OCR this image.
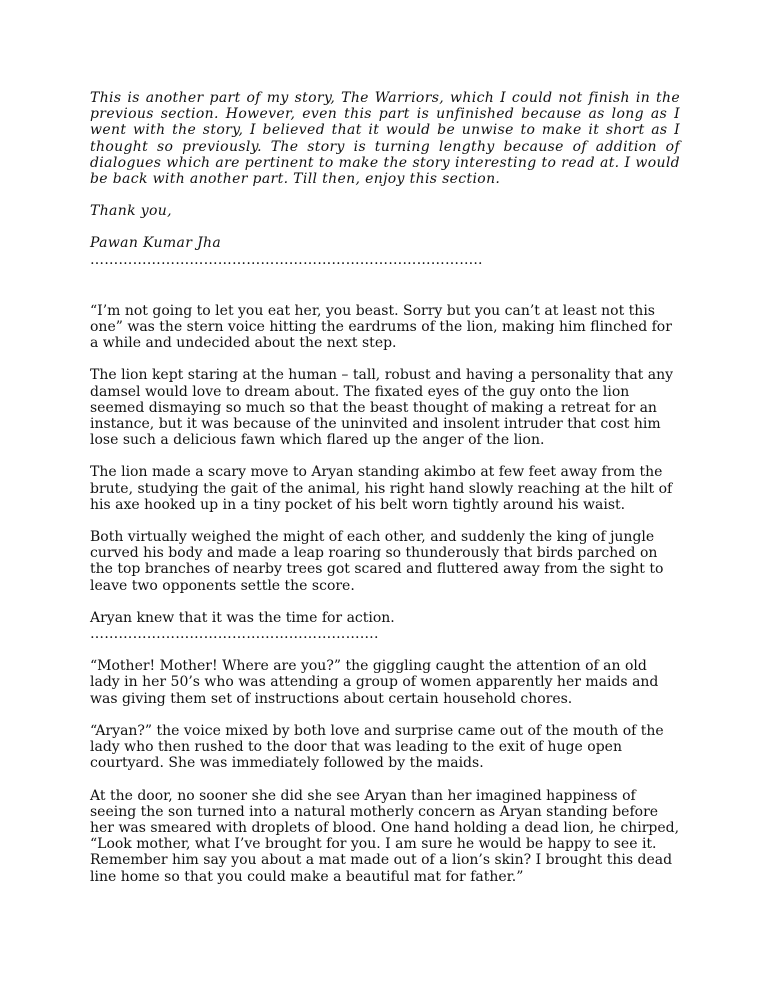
This is another part of my story, The Warriors, which I could not finish in the previous section. However, even this part is unfinished because as long as I went with the story, I believed that it would be unwise to make it short as I thought so previously. The story is turning lengthy because of addition of dialogues which are pertinent to make the story interesting to read at. I would be back with another part. Till then, enjoy this section.

Thank you,

Pawan Kumar Jha

………………………………………………………………………..

“I’m not going to let you eat her, you beast. Sorry but you can’t at least not this one” was the stern voice hitting the eardrums of the lion, making him flinched for a while and undecided about the next step.

The lion kept staring at the human – tall, robust and having a personality that any damsel would love to dream about. The fixated eyes of the guy onto the lion seemed dismaying so much so that the beast thought of making a retreat for an instance, but it was because of the uninvited and insolent intruder that cost him lose such a delicious fawn which flared up the anger of the lion.

The lion made a scary move to Aryan standing akimbo at few feet away from the brute, studying the gait of the animal, his right hand slowly reaching at the hilt of his axe hooked up in a tiny pocket of his belt worn tightly around his waist.

Both virtually weighed the might of each other, and suddenly the king of jungle curved his body and made a leap roaring so thunderously that birds parched on the top branches of nearby trees got scared and fluttered away from the sight to leave two opponents settle the score.

Aryan knew that it was the time for action.

…………………………………………………….

“Mother! Mother! Where are you?” the giggling caught the attention of an old lady in her 50’s who was attending a group of women apparently her maids and was giving them set of instructions about certain household chores.

“Aryan?” the voice mixed by both love and surprise came out of the mouth of the lady who then rushed to the door that was leading to the exit of huge open courtyard. She was immediately followed by the maids.

At the door, no sooner she did she see Aryan than her imagined happiness of seeing the son turned into a natural motherly concern as Aryan standing before her was smeared with droplets of blood. One hand holding a dead lion, he chirped, “Look mother, what I’ve brought for you. I am sure he would be happy to see it. Remember him say you about a mat made out of a lion’s skin? I brought this dead line home so that you could make a beautiful mat for father.”
